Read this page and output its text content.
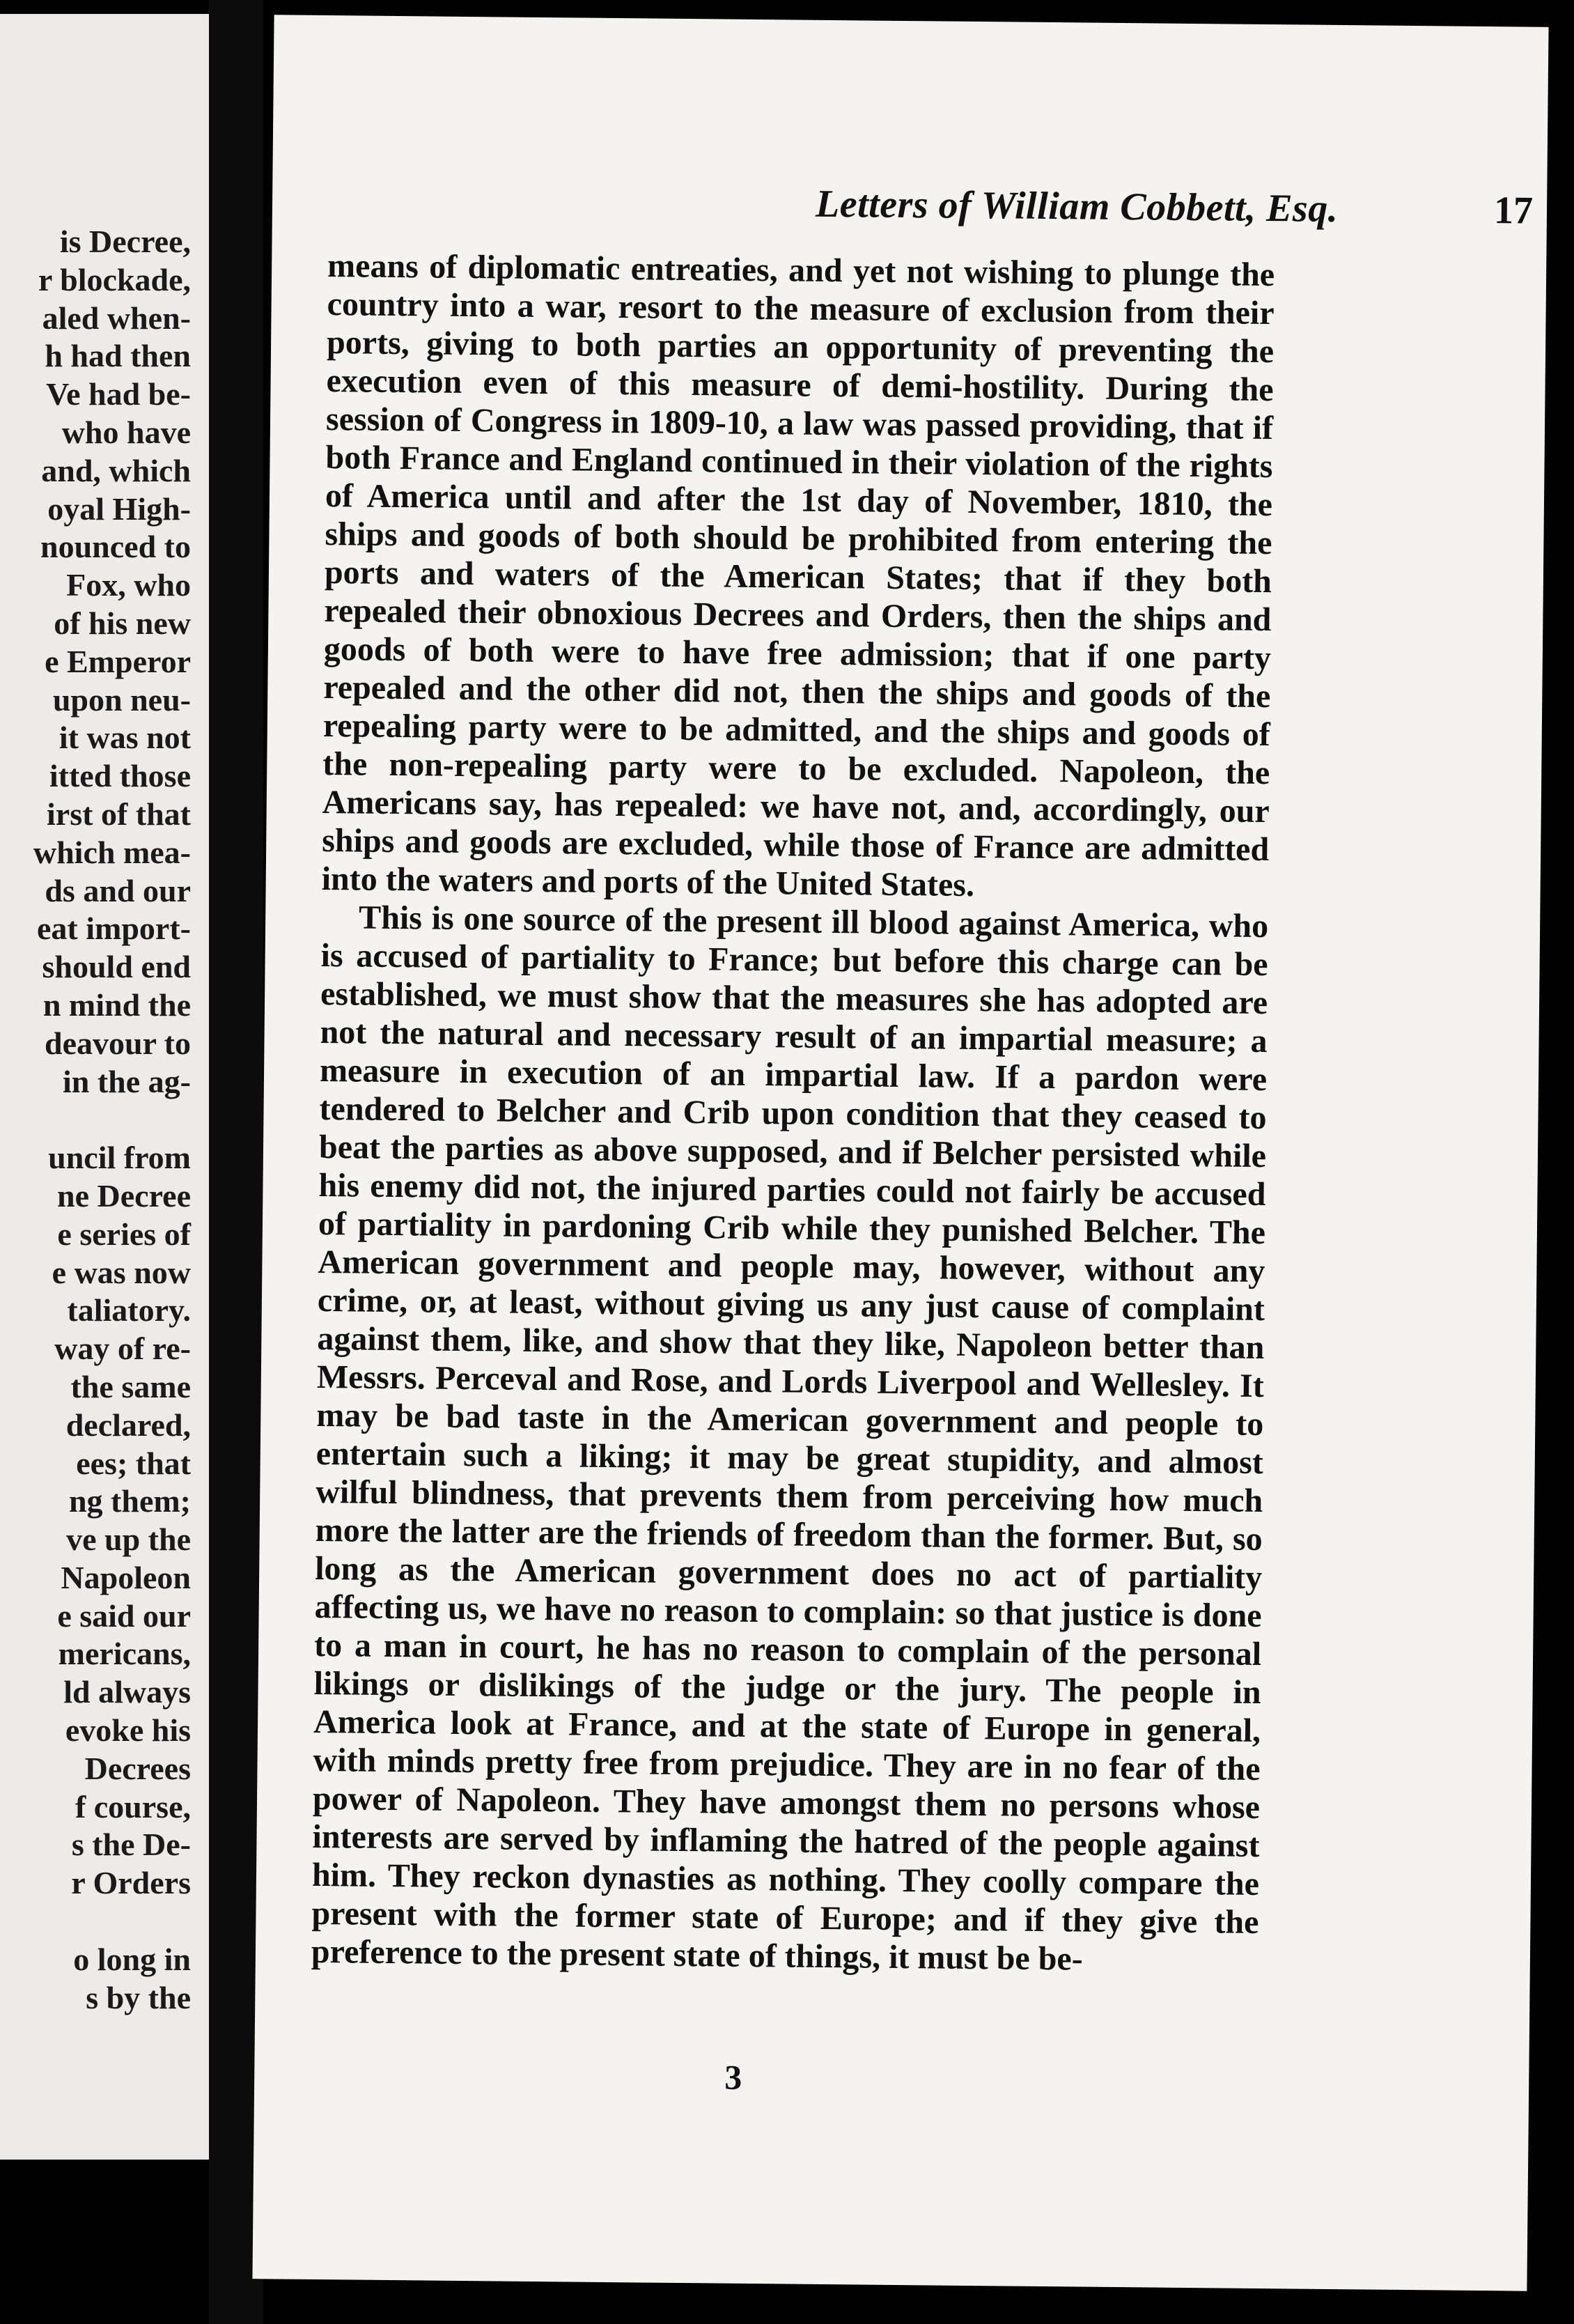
is Decree,
r blockade,
aled when-
h had then
Ve had be-
who have
and, which
oyal High-
nounced to
Fox, who
of his new
e Emperor
upon neu-
it was not
itted those
irst of that
which mea-
ds and our
eat import-
should end
n mind the
deavour to
in the ag-
uncil from
ne Decree
e series of
e was now
taliatory.
way of re-
the same
declared,
ees; that
ng them;
ve up the
Napoleon
e said our
mericans,
ld always
evoke his
Decrees
f course,
s the De-
r Orders
o long in
s by the
Letters of William Cobbett, Esq.	17

means of diplomatic entreaties, and yet not wishing to plunge the country into a war, resort to the measure of exclusion from their ports, giving to both parties an opportunity of preventing the execution even of this measure of demi-hostility. During the session of Congress in 1809-10, a law was passed providing, that if both France and England continued in their violation of the rights of America until and after the 1st day of November, 1810, the ships and goods of both should be prohibited from entering the ports and waters of the American States; that if they both repealed their obnoxious Decrees and Orders, then the ships and goods of both were to have free admission; that if one party repealed and the other did not, then the ships and goods of the repealing party were to be admitted, and the ships and goods of the non-repealing party were to be excluded. Napoleon, the Americans say, has repealed: we have not, and, accordingly, our ships and goods are excluded, while those of France are admitted into the waters and ports of the United States.

This is one source of the present ill blood against America, who is accused of partiality to France; but before this charge can be established, we must show that the measures she has adopted are not the natural and necessary result of an impartial measure; a measure in execution of an impartial law. If a pardon were tendered to Belcher and Crib upon condition that they ceased to beat the parties as above supposed, and if Belcher persisted while his enemy did not, the injured parties could not fairly be accused of partiality in pardoning Crib while they punished Belcher. The American government and people may, however, without any crime, or, at least, without giving us any just cause of complaint against them, like, and show that they like, Napoleon better than Messrs. Perceval and Rose, and Lords Liverpool and Wellesley. It may be bad taste in the American government and people to entertain such a liking; it may be great stupidity, and almost wilful blindness, that prevents them from perceiving how much more the latter are the friends of freedom than the former. But, so long as the American government does no act of partiality affecting us, we have no reason to complain: so that justice is done to a man in court, he has no reason to complain of the personal likings or dislikings of the judge or the jury. The people in America look at France, and at the state of Europe in general, with minds pretty free from prejudice. They are in no fear of the power of Napoleon. They have amongst them no persons whose interests are served by inflaming the hatred of the people against him. They reckon dynasties as nothing. They coolly compare the present with the former state of Europe; and if they give the preference to the present state of things, it must be be-

3
